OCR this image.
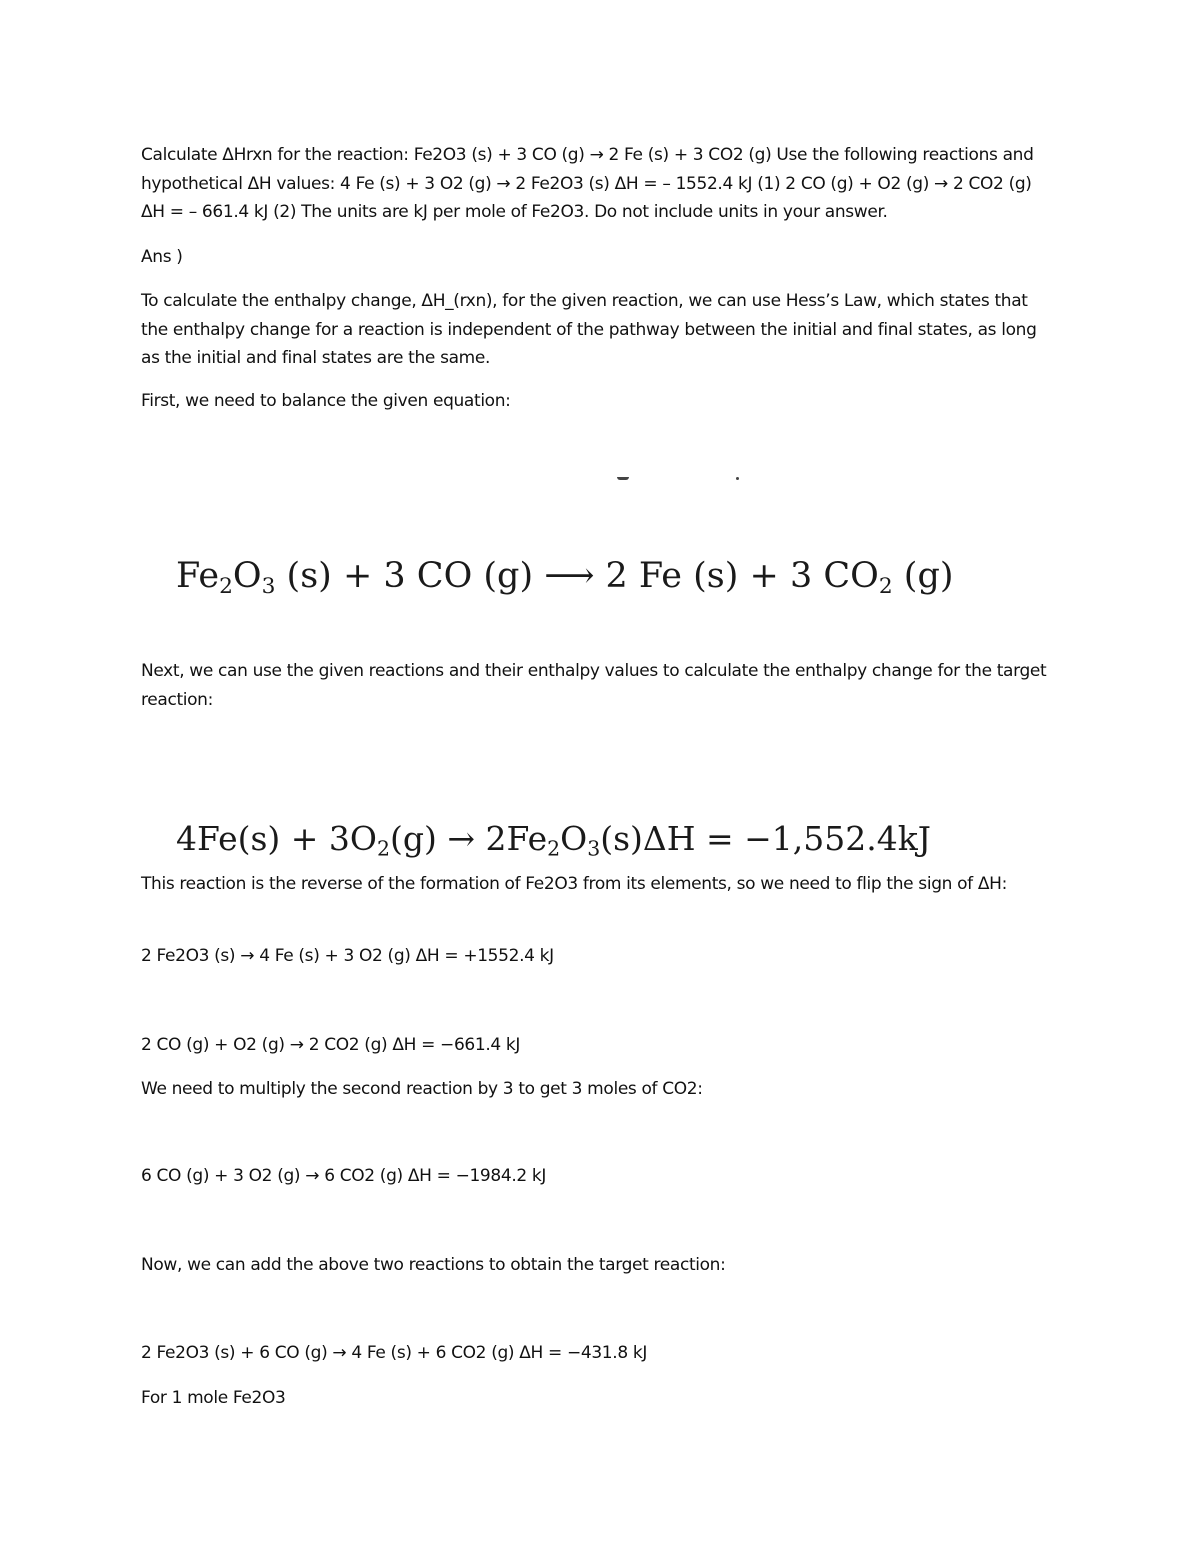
Calculate ΔHrxn for the reaction: Fe2O3 (s) + 3 CO (g) → 2 Fe (s) + 3 CO2 (g) Use the following reactions and hypothetical ΔH values: 4 Fe (s) + 3 O2 (g) → 2 Fe2O3 (s) ΔH = – 1552.4 kJ (1) 2 CO (g) + O2 (g) → 2 CO2 (g) ΔH = – 661.4 kJ (2) The units are kJ per mole of Fe2O3. Do not include units in your answer.

Ans )

To calculate the enthalpy change, ΔH_(rxn), for the given reaction, we can use Hess’s Law, which states that the enthalpy change for a reaction is independent of the pathway between the initial and final states, as long as the initial and final states are the same.

First, we need to balance the given equation:

$Fe_2O_3$ (s) + 3 CO (g) ⟶ 2 Fe (s) + 3 $CO_2$ (g)

Next, we can use the given reactions and their enthalpy values to calculate the enthalpy change for the target reaction:

$4Fe(s) + 3O_2(g) \to 2Fe_2O_3(s)\Delta H = -1,552.4kJ$

This reaction is the reverse of the formation of Fe2O3 from its elements, so we need to flip the sign of ΔH:

2 Fe2O3 (s) → 4 Fe (s) + 3 O2 (g) ΔH = +1552.4 kJ

2 CO (g) + O2 (g) → 2 CO2 (g) ΔH = −661.4 kJ

We need to multiply the second reaction by 3 to get 3 moles of CO2:

6 CO (g) + 3 O2 (g) → 6 CO2 (g) ΔH = −1984.2 kJ

Now, we can add the above two reactions to obtain the target reaction:

2 Fe2O3 (s) + 6 CO (g) → 4 Fe (s) + 6 CO2 (g) ΔH = −431.8 kJ

For 1 mole Fe2O3
